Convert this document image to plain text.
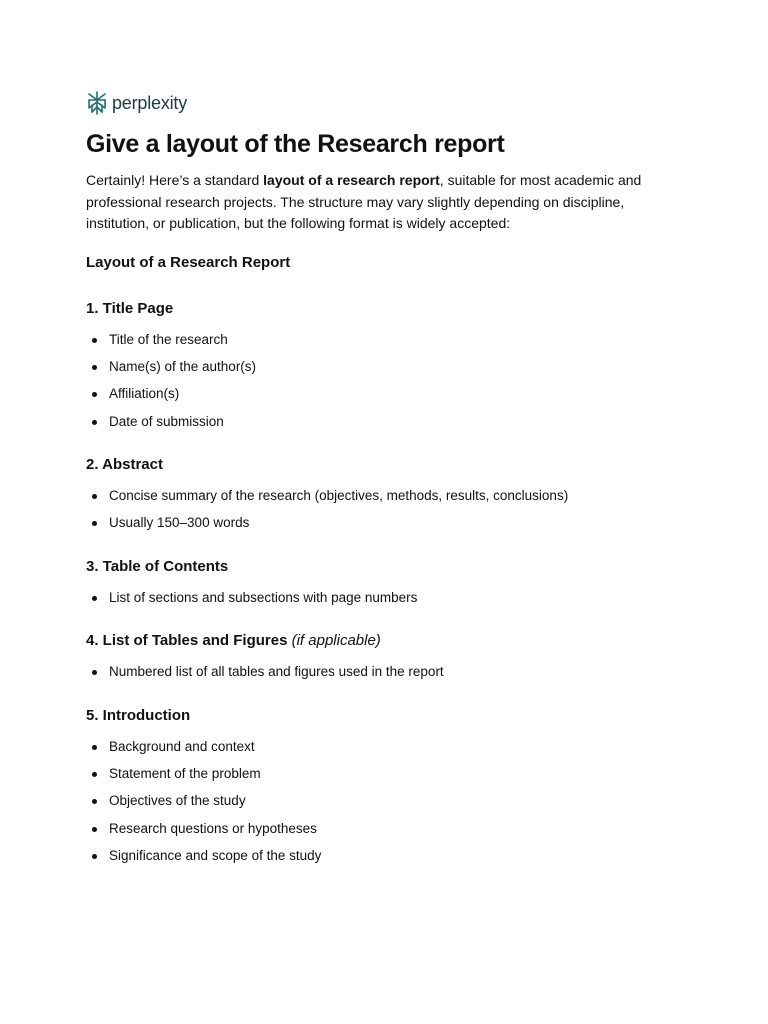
perplexity
Give a layout of the Research report

Certainly! Here’s a standard layout of a research report, suitable for most academic and professional research projects. The structure may vary slightly depending on discipline, institution, or publication, but the following format is widely accepted:

Layout of a Research Report
1. Title Page
Title of the research
Name(s) of the author(s)
Affiliation(s)
Date of submission
2. Abstract
Concise summary of the research (objectives, methods, results, conclusions)
Usually 150–300 words
3. Table of Contents
List of sections and subsections with page numbers
4. List of Tables and Figures (if applicable)
Numbered list of all tables and figures used in the report
5. Introduction
Background and context
Statement of the problem
Objectives of the study
Research questions or hypotheses
Significance and scope of the study
